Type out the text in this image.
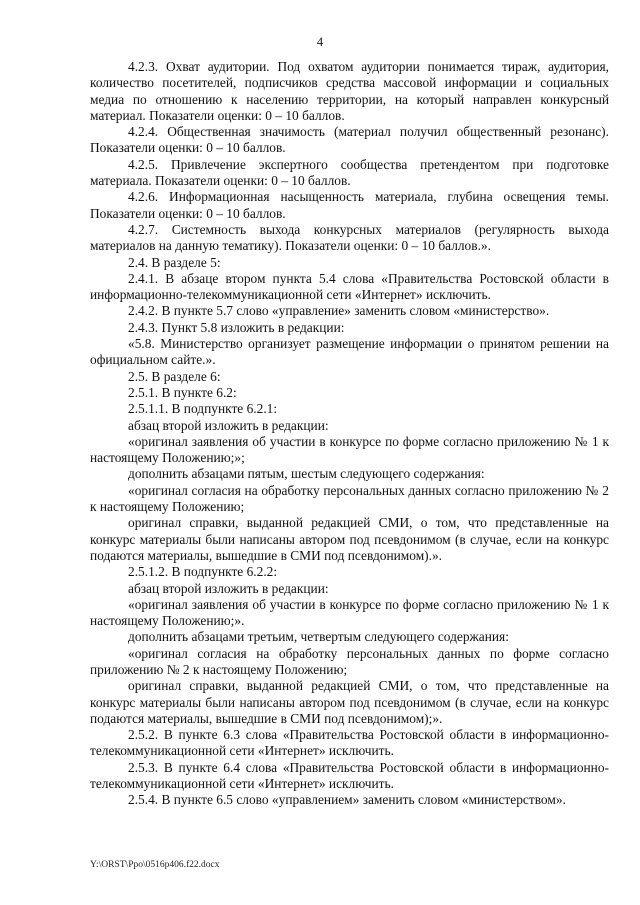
4

4.2.3. Охват аудитории. Под охватом аудитории понимается тираж, аудитория, количество посетителей, подписчиков средства массовой информации и социальных медиа по отношению к населению территории, на который направлен конкурсный материал. Показатели оценки: 0 – 10 баллов.

4.2.4. Общественная значимость (материал получил общественный резонанс). Показатели оценки: 0 – 10 баллов.

4.2.5. Привлечение экспертного сообщества претендентом при подготовке материала. Показатели оценки: 0 – 10 баллов.

4.2.6. Информационная насыщенность материала, глубина освещения темы. Показатели оценки: 0 – 10 баллов.

4.2.7. Системность выхода конкурсных материалов (регулярность выхода материалов на данную тематику). Показатели оценки: 0 – 10 баллов.».

2.4. В разделе 5:

2.4.1. В абзаце втором пункта 5.4 слова «Правительства Ростовской области в информационно-телекоммуникационной сети «Интернет» исключить.

2.4.2. В пункте 5.7 слово «управление» заменить словом «министерство».

2.4.3. Пункт 5.8 изложить в редакции:

«5.8. Министерство организует размещение информации о принятом решении на официальном сайте.».

2.5. В разделе 6:

2.5.1. В пункте 6.2:

2.5.1.1. В подпункте 6.2.1:

абзац второй изложить в редакции:

«оригинал заявления об участии в конкурсе по форме согласно приложению № 1 к настоящему Положению;»;

дополнить абзацами пятым, шестым следующего содержания:

«оригинал согласия на обработку персональных данных согласно приложению № 2 к настоящему Положению;

оригинал справки, выданной редакцией СМИ, о том, что представленные на конкурс материалы были написаны автором под псевдонимом (в случае, если на конкурс подаются материалы, вышедшие в СМИ под псевдонимом).».

2.5.1.2. В подпункте 6.2.2:

абзац второй изложить в редакции:

«оригинал заявления об участии в конкурсе по форме согласно приложению № 1 к настоящему Положению;».

дополнить абзацами третьим, четвертым следующего содержания:

«оригинал согласия на обработку персональных данных по форме согласно приложению № 2 к настоящему Положению;

оригинал справки, выданной редакцией СМИ, о том, что представленные на конкурс материалы были написаны автором под псевдонимом (в случае, если на конкурс подаются материалы, вышедшие в СМИ под псевдонимом);».

2.5.2. В пункте 6.3 слова «Правительства Ростовской области в информационно-телекоммуникационной сети «Интернет» исключить.

2.5.3. В пункте 6.4 слова «Правительства Ростовской области в информационно-телекоммуникационной сети «Интернет» исключить.

2.5.4. В пункте 6.5 слово «управлением» заменить словом «министерством».

Y:\ORST\Ppo\0516p406.f22.docx
